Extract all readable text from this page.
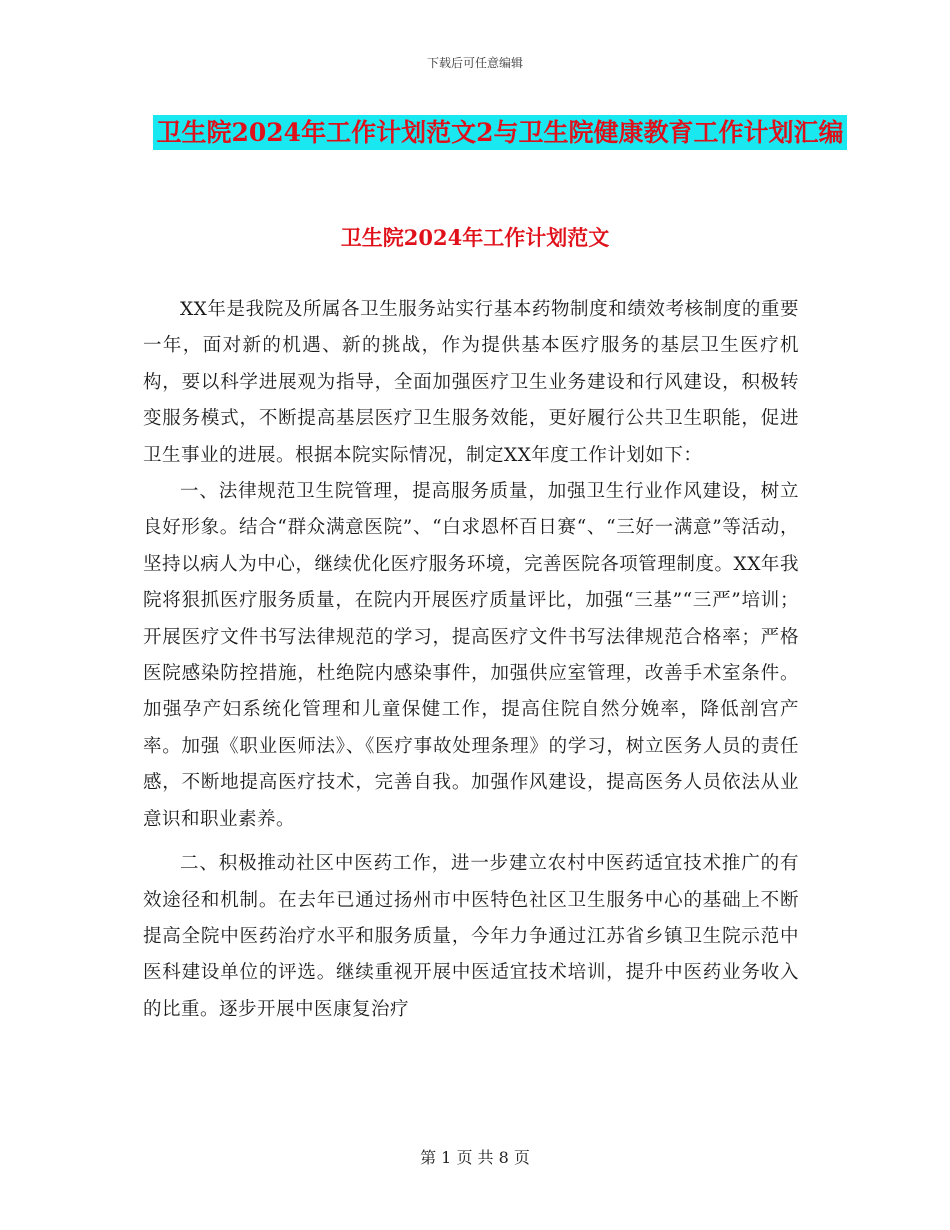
下载后可任意编辑
卫生院2024年工作计划范文2与卫生院健康教育工作计划汇编
卫生院2024年工作计划范文

XX年是我院及所属各卫生服务站实行基本药物制度和绩效考核制度的重要一年，面对新的机遇、新的挑战，作为提供基本医疗服务的基层卫生医疗机构，要以科学进展观为指导，全面加强医疗卫生业务建设和行风建设，积极转变服务模式，不断提高基层医疗卫生服务效能，更好履行公共卫生职能，促进卫生事业的进展。根据本院实际情况，制定XX年度工作计划如下：

一、法律规范卫生院管理，提高服务质量，加强卫生行业作风建设，树立良好形象。结合“群众满意医院”、“白求恩杯百日赛“、“三好一满意”等活动，坚持以病人为中心，继续优化医疗服务环境，完善医院各项管理制度。XX年我院将狠抓医疗服务质量，在院内开展医疗质量评比，加强“三基”“三严”培训；开展医疗文件书写法律规范的学习，提高医疗文件书写法律规范合格率；严格医院感染防控措施，杜绝院内感染事件，加强供应室管理，改善手术室条件。加强孕产妇系统化管理和儿童保健工作，提高住院自然分娩率，降低剖宫产率。加强《职业医师法》、《医疗事故处理条理》的学习，树立医务人员的责任感，不断地提高医疗技术，完善自我。加强作风建设，提高医务人员依法从业意识和职业素养。

二、积极推动社区中医药工作，进一步建立农村中医药适宜技术推广的有效途径和机制。在去年已通过扬州市中医特色社区卫生服务中心的基础上不断提高全院中医药治疗水平和服务质量，今年力争通过江苏省乡镇卫生院示范中医科建设单位的评选。继续重视开展中医适宜技术培训，提升中医药业务收入的比重。逐步开展中医康复治疗

第 1 页 共 8 页
